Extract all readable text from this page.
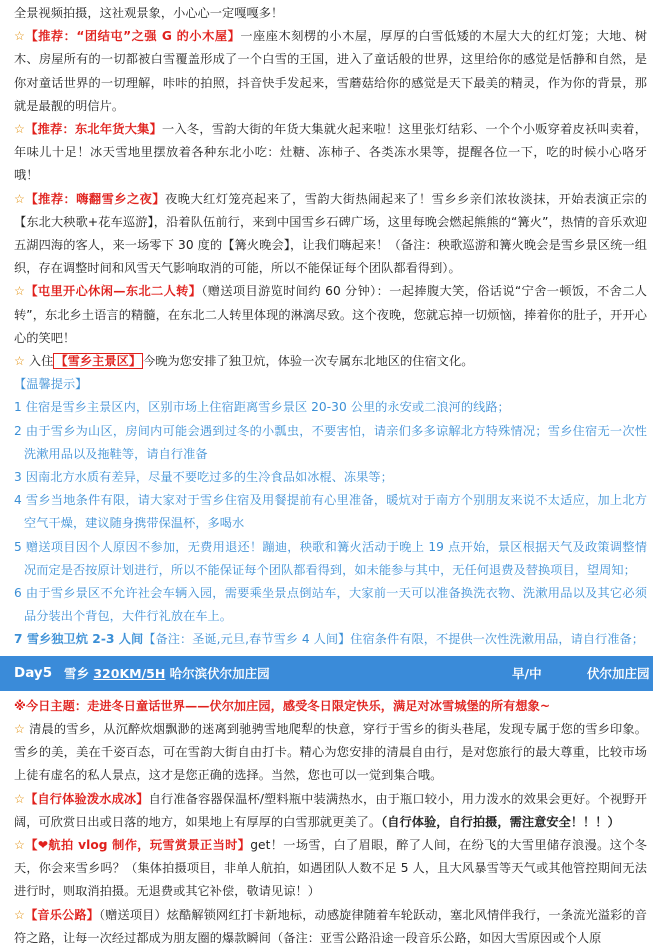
全景视频拍摄，这社观景象，小心心一定嘎嘎多！

☆【推荐：“团结屯”之强 G 的小木屋】一座座木刻楞的小木屋，厚厚的白雪低矮的木屋大大的红灯笼；大地、树木、房屋所有的一切都被白雪覆盖形成了一个白雪的王国，进入了童话般的世界，这里给你的感觉是恬静和自然，是你对童话世界的一切理解，咔咔的拍照，抖音快手发起来，雪蘑菇给你的感觉是天下最美的精灵，作为你的背景，那就是最靓的明信片。

☆【推荐：东北年货大集】一入冬，雪韵大街的年货大集就火起来啦！这里张灯结彩、一个个小贩穿着皮袄叫卖着，年味儿十足！冰天雪地里摆放着各种东北小吃：灶糖、冻柿子、各类冻水果等，提醒各位一下，吃的时候小心咯牙哦！

☆【推荐：嗨翻雪乡之夜】夜晚大红灯笼亮起来了，雪韵大街热闹起来了！雪乡乡亲们浓妆淡抹，开始表演正宗的【东北大秧歌+花车巡游】，沿着队伍前行，来到中国雪乡石碑广场，这里每晚会燃起熊熊的“篝火”，热情的音乐欢迎五湖四海的客人，来一场零下 30 度的【篝火晚会】，让我们嗨起来！（备注：秧歌巡游和篝火晚会是雪乡景区统一组织，存在调整时间和风雪天气影响取消的可能，所以不能保证每个团队都看得到）。

☆【屯里开心休闲—东北二人转】（赠送项目游览时间约 60 分钟）：一起捧腹大笑，俗话说“宁舍一顿饭，不舍二人转”，东北乡土语言的精髓，在东北二人转里体现的淋漓尽致。这个夜晚，您就忘掉一切烦恼，捧着你的肚子，开开心心的笑吧！

☆ 入住 【雪乡主景区】 今晚为您安排了独卫炕，体验一次专属东北地区的住宿文化。

【温馨提示】

1 住宿是雪乡主景区内，区别市场上住宿距离雪乡景区 20-30 公里的永安或二浪河的线路；

2 由于雪乡为山区，房间内可能会遇到过冬的小瓢虫，不要害怕，请亲们多多谅解北方特殊情况；雪乡住宿无一次性洗漱用品以及拖鞋等，请自行准备

3 因南北方水质有差异，尽量不要吃过多的生冷食品如冰棍、冻果等；

4 雪乡当地条件有限，请大家对于雪乡住宿及用餐提前有心里准备，暖炕对于南方个别朋友来说不太适应，加上北方空气干燥，建议随身携带保温杯，多喝水

5 赠送项目因个人原因不参加，无费用退还！蹦迪，秧歌和篝火活动于晚上 19 点开始，景区根据天气及政策调整情况而定是否按原计划进行，所以不能保证每个团队都看得到，如未能参与其中，无任何退费及替换项目，望周知；

6 由于雪乡景区不允许社会车辆入园，需要乘坐景点倒站车，大家前一天可以准备换洗衣物、洗漱用品以及其它必须品分装出个背包，大件行礼放在车上。

7 雪乡独卫炕 2-3 人间【备注：圣诞,元旦,春节雪乡 4 人间】住宿条件有限，不提供一次性洗漱用品，请自行准备；

Day5 雪乡 320KM/5H 哈尔滨伏尔加庄园	早/中	伏尔加庄园

※今日主题：走进冬日童话世界——伏尔加庄园，感受冬日限定快乐，满足对冰雪城堡的所有想象~

☆ 清晨的雪乡，从沉醉炊烟飘渺的迷离到驰骋雪地爬犁的快意，穿行于雪乡的街头巷尾，发现专属于您的雪乡印象。雪乡的美，美在千姿百态，可在雪韵大街自由打卡。精心为您安排的清晨自由行，是对您旅行的最大尊重，比较市场上徒有虚名的私人景点，这才是您正确的选择。当然，您也可以一觉到集合哦。

☆【自行体验泼水成冰】自行准备容器保温杯/塑料瓶中装满热水，由于瓶口较小，用力泼水的效果会更好。个视野开阔，可欣赏日出或日落的地方，如果地上有厚厚的白雪那就更美了。（自行体验，自行拍摄，需注意安全！！！）

☆【❤航拍 vlog 制作，玩雪赏景正当时】get！一场雪，白了眉眼，醉了人间，在纷飞的大雪里储存浪漫。这个冬天，你会来雪乡吗？（集体拍摄项目，非单人航拍，如遇团队人数不足 5 人，且大风暴雪等天气或其他管控期间无法进行时，则取消拍摄。无退费或其它补偿，敬请见谅！）

☆【音乐公路】（赠送项目）炫酷解锁网红打卡新地标，动感旋律随着车轮跃动，塞北风情伴我行，一条流光溢彩的音符之路，让每一次经过都成为朋友圈的爆款瞬间（备注：亚雪公路沿途一段音乐公路，如因大雪原因或个人原
